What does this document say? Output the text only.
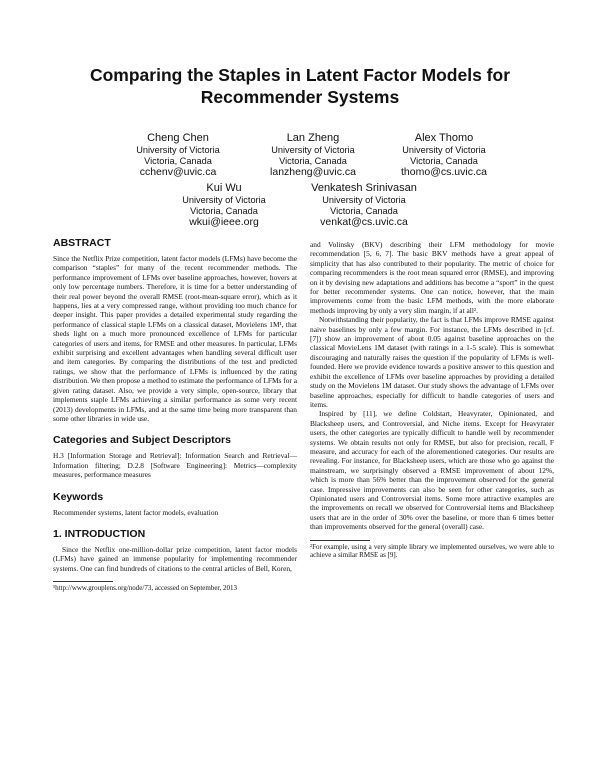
Comparing the Staples in Latent Factor Models for Recommender Systems
Cheng Chen
University of Victoria
Victoria, Canada
cchenv@uvic.ca
Lan Zheng
University of Victoria
Victoria, Canada
lanzheng@uvic.ca
Alex Thomo
University of Victoria
Victoria, Canada
thomo@cs.uvic.ca
Kui Wu
University of Victoria
Victoria, Canada
wkui@ieee.org
Venkatesh Srinivasan
University of Victoria
Victoria, Canada
venkat@cs.uvic.ca
ABSTRACT

Since the Netflix Prize competition, latent factor models (LFMs) have become the comparison “staples” for many of the recent recommender methods. The performance improvement of LFMs over baseline approaches, however, hovers at only low percentage numbers. Therefore, it is time for a better understanding of their real power beyond the overall RMSE (root-mean-square error), which as it happens, lies at a very compressed range, without providing too much chance for deeper insight. This paper provides a detailed experimental study regarding the performance of classical staple LFMs on a classical dataset, Movielens 1M¹, that sheds light on a much more pronounced excellence of LFMs for particular categories of users and items, for RMSE and other measures. In particular, LFMs exhibit surprising and excellent advantages when handling several difficult user and item categories. By comparing the distributions of the test and predicted ratings, we show that the performance of LFMs is influenced by the rating distribution. We then propose a method to estimate the performance of LFMs for a given rating dataset. Also, we provide a very simple, open-source, library that implements staple LFMs achieving a similar performance as some very recent (2013) developments in LFMs, and at the same time being more transparent than some other libraries in wide use.

Categories and Subject Descriptors

H.3 [Information Storage and Retrieval]: Information Search and Retrieval—Information filtering; D.2.8 [Software Engineering]: Metrics—complexity measures, performance measures

Keywords

Recommender systems, latent factor models, evaluation

1. INTRODUCTION

Since the Netflix one-million-dollar prize competition, latent factor models (LFMs) have gained an immense popularity for implementing recommender systems. One can find hundreds of citations to the central articles of Bell, Koren,

¹http://www.grouplens.org/node/73, accessed on September, 2013

and Volinsky (BKV) describing their LFM methodology for movie recommendation [5, 6, 7]. The basic BKV methods have a great appeal of simplicity that has also contributed to their popularity. The metric of choice for comparing recommenders is the root mean squared error (RMSE), and improving on it by devising new adaptations and additions has become a “sport” in the quest for better recommender systems. One can notice, however, that the main improvements come from the basic LFM methods, with the more elaborate methods improving by only a very slim margin, if at all².

Notwithstanding their popularity, the fact is that LFMs improve RMSE against naive baselines by only a few margin. For instance, the LFMs described in [cf. [7]) show an improvement of about 0.05 against baseline approaches on the classical MovieLens 1M dataset (with ratings in a 1-5 scale). This is somewhat discouraging and naturally raises the question if the popularity of LFMs is well-founded. Here we provide evidence towards a positive answer to this question and exhibit the excellence of LFMs over baseline approaches by providing a detailed study on the Movielens 1M dataset. Our study shows the advantage of LFMs over baseline approaches, especially for difficult to handle categories of users and items.

Inspired by [11], we define Coldstart, Heavyrater, Opinionated, and Blacksheep users, and Controversial, and Niche items. Except for Heavyrater users, the other categories are typically difficult to handle well by recommender systems. We obtain results not only for RMSE, but also for precision, recall, F measure, and accuracy for each of the aforementioned categories. Our results are revealing. For instance, for Blacksheep users, which are those who go against the mainstream, we surprisingly observed a RMSE improvement of about 12%, which is more than 56% better than the improvement observed for the general case. Impressive improvements can also be seen for other categories, such as Opinionated users and Controversial items. Some more attractive examples are the improvements on recall we observed for Controversial items and Blacksheep users that are in the order of 30% over the baseline, or more than 6 times better than improvements observed for the general (overall) case.

²For example, using a very simple library we implemented ourselves, we were able to achieve a similar RMSE as [9].
